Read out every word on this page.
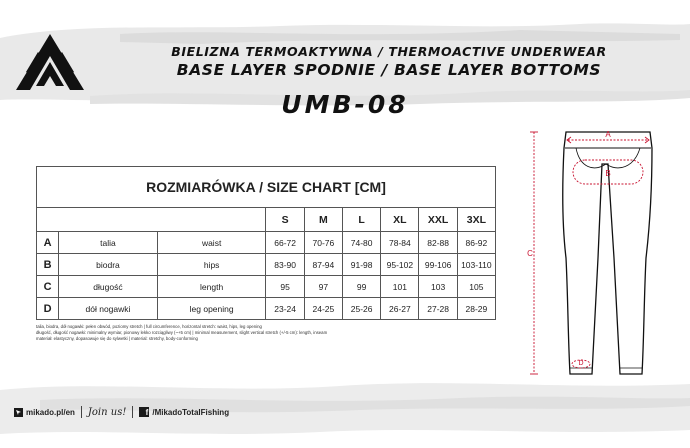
BIELIZNA TERMOAKTYWNA / THERMOACTIVE UNDERWEAR
BASE LAYER SPODNIE / BASE LAYER BOTTOMS
UMB-08
ROZMIARÓWKA / SIZE CHART [CM]								
			S	M	L	XL	XXL	3XL
A	talia	waist	66-72	70-76	74-80	78-84	82-88	86-92
B	biodra	hips	83-90	87-94	91-98	95-102	99-106	103-110
C	długość	length	95	97	99	101	103	105
D	dół nogawki	leg opening	23-24	24-25	25-26	26-27	27-28	28-29
talia, biodra, dół nogawki: pełen obwód, poziomy stretch | full circumference, horizontal stretch: waist, hips, leg opening
długość, długość nogawki: minimalny wymiar, pionowy lekko rozciągliwy (~+5 cm) | minimal measurement, slight vertical stretch (+/-5 cm): length, inseam
materiał: elastyczny, dopasowuje się do sylwetki | material: stretchy, body-conforming
A
B
C
D
mikado.pl/en Join us!	f /MikadoTotalFishing
